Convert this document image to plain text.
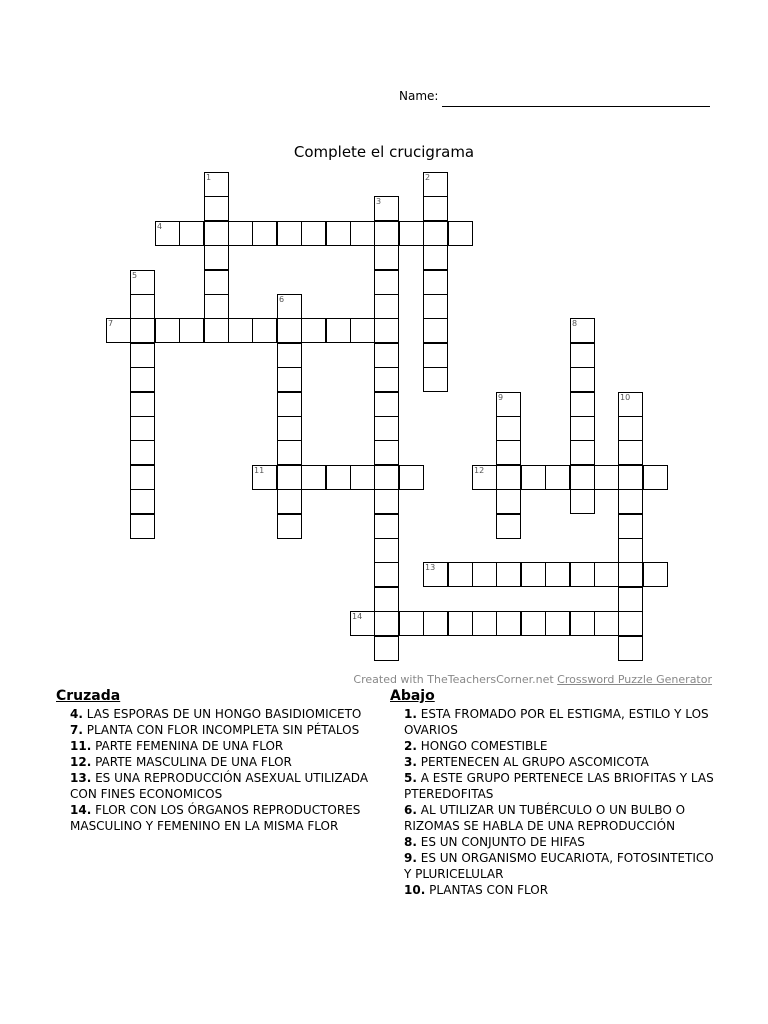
Name:
Complete el crucigrama
1	2
3
4
5
6
7	8
9	10
11	12
13
14
Created with TheTeachersCorner.net Crossword Puzzle Generator
Cruzada
4. LAS ESPORAS DE UN HONGO BASIDIOMICETO
7. PLANTA CON FLOR INCOMPLETA SIN PÉTALOS
11. PARTE FEMENINA DE UNA FLOR
12. PARTE MASCULINA DE UNA FLOR
13. ES UNA REPRODUCCIÓN ASEXUAL UTILIZADA CON FINES ECONOMICOS
14. FLOR CON LOS ÓRGANOS REPRODUCTORES MASCULINO Y FEMENINO EN LA MISMA FLOR
Abajo
1. ESTA FROMADO POR EL ESTIGMA, ESTILO Y LOS OVARIOS
2. HONGO COMESTIBLE
3. PERTENECEN AL GRUPO ASCOMICOTA
5. A ESTE GRUPO PERTENECE LAS BRIOFITAS Y LAS PTEREDOFITAS
6. AL UTILIZAR UN TUBÉRCULO O UN BULBO O RIZOMAS SE HABLA DE UNA REPRODUCCIÓN
8. ES UN CONJUNTO DE HIFAS
9. ES UN ORGANISMO EUCARIOTA, FOTOSINTETICO Y PLURICELULAR
10. PLANTAS CON FLOR
